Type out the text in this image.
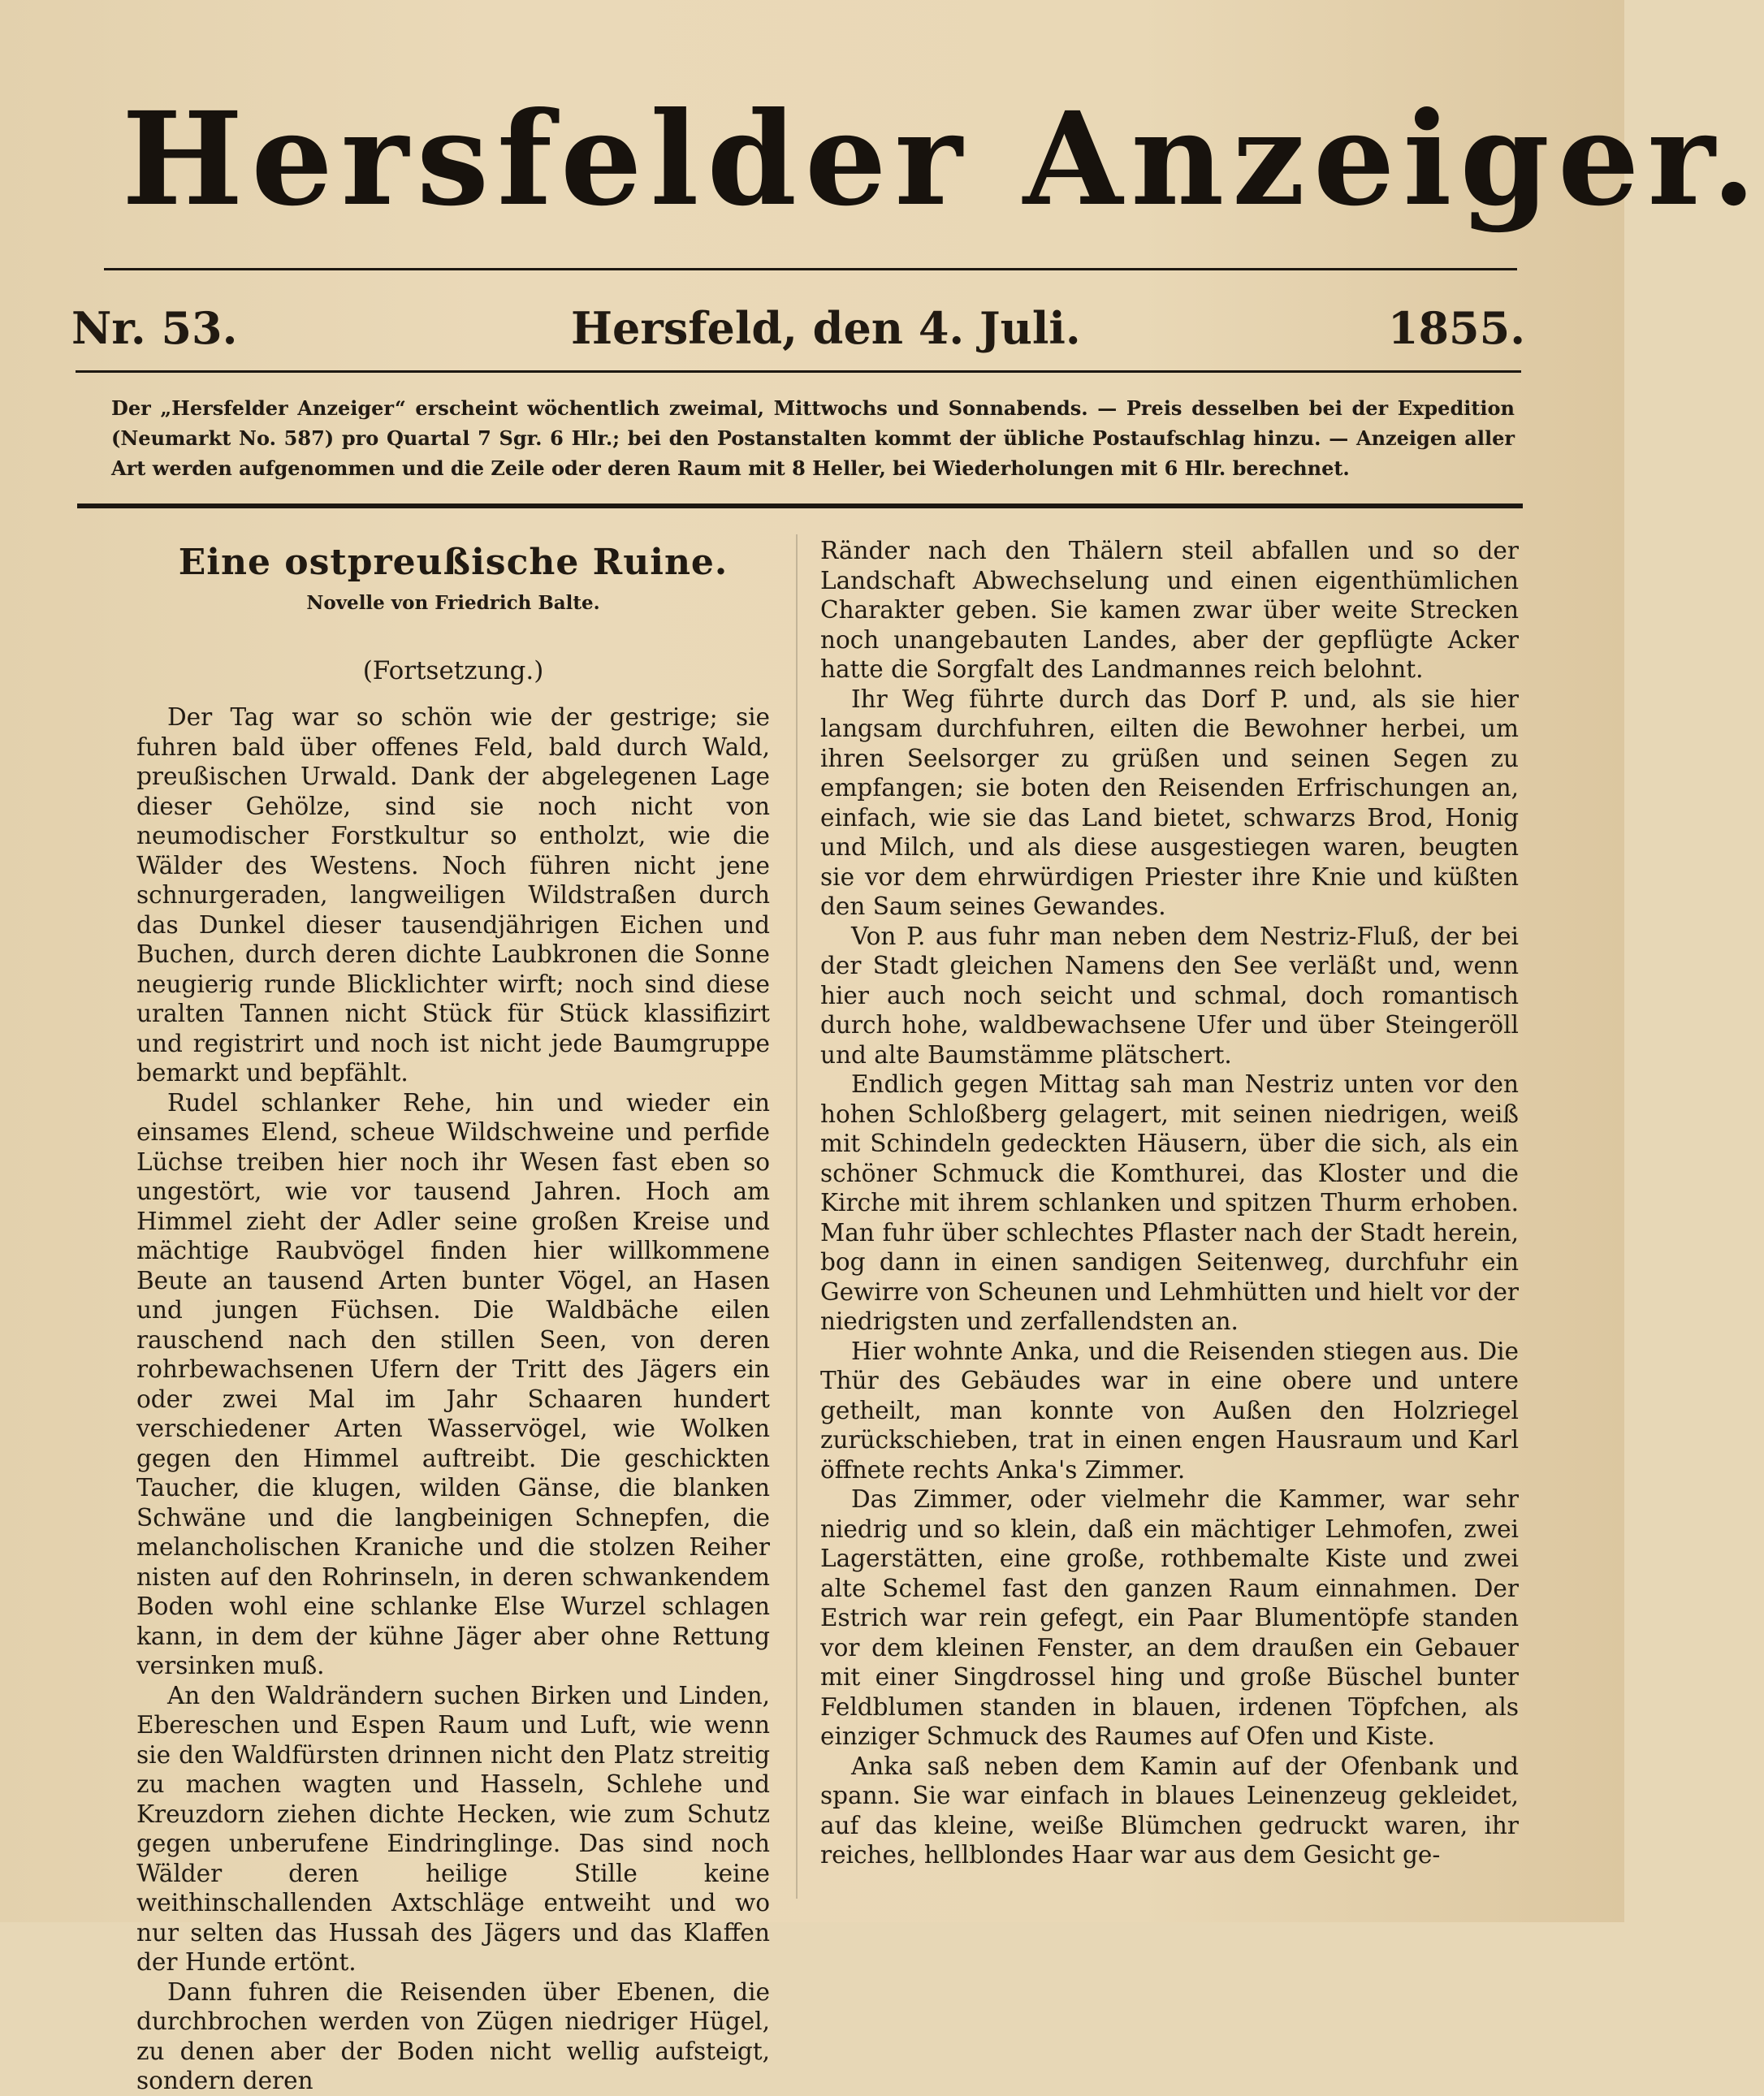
Hersfelder Anzeiger.
Nr. 53.	Hersfeld, den 4. Juli.	1855.
Der „Hersfelder Anzeiger“ erscheint wöchentlich zweimal, Mittwochs und Sonnabends. — Preis desselben bei der Expedition (Neumarkt No. 587) pro Quartal 7 Sgr. 6 Hlr.; bei den Postanstalten kommt der übliche Postaufschlag hinzu. — Anzeigen aller Art werden aufgenommen und die Zeile oder deren Raum mit 8 Heller, bei Wiederholungen mit 6 Hlr. berechnet.
Eine ostpreußische Ruine.
Novelle von Friedrich Balte.
(Fortsetzung.)

Der Tag war so schön wie der gestrige; sie fuhren bald über offenes Feld, bald durch Wald, preußischen Urwald. Dank der abgelegenen Lage dieser Gehölze, sind sie noch nicht von neumodischer Forstkultur so entholzt, wie die Wälder des Westens. Noch führen nicht jene schnurgeraden, langweiligen Wildstraßen durch das Dunkel dieser tausendjährigen Eichen und Buchen, durch deren dichte Laubkronen die Sonne neugierig runde Blicklichter wirft; noch sind diese uralten Tannen nicht Stück für Stück klassifizirt und registrirt und noch ist nicht jede Baumgruppe bemarkt und bepfählt.

Rudel schlanker Rehe, hin und wieder ein einsames Elend, scheue Wildschweine und perfide Lüchse treiben hier noch ihr Wesen fast eben so ungestört, wie vor tausend Jahren. Hoch am Himmel zieht der Adler seine großen Kreise und mächtige Raubvögel finden hier willkommene Beute an tausend Arten bunter Vögel, an Hasen und jungen Füchsen. Die Waldbäche eilen rauschend nach den stillen Seen, von deren rohrbewachsenen Ufern der Tritt des Jägers ein oder zwei Mal im Jahr Schaaren hundert verschiedener Arten Wasservögel, wie Wolken gegen den Himmel auftreibt. Die geschickten Taucher, die klugen, wilden Gänse, die blanken Schwäne und die langbeinigen Schnepfen, die melancholischen Kraniche und die stolzen Reiher nisten auf den Rohrinseln, in deren schwankendem Boden wohl eine schlanke Else Wurzel schlagen kann, in dem der kühne Jäger aber ohne Rettung versinken muß.

An den Waldrändern suchen Birken und Linden, Ebereschen und Espen Raum und Luft, wie wenn sie den Waldfürsten drinnen nicht den Platz streitig zu machen wagten und Hasseln, Schlehe und Kreuzdorn ziehen dichte Hecken, wie zum Schutz gegen unberufene Eindringlinge. Das sind noch Wälder deren heilige Stille keine weithinschallenden Axtschläge entweiht und wo nur selten das Hussah des Jägers und das Klaffen der Hunde ertönt.

Dann fuhren die Reisenden über Ebenen, die durchbrochen werden von Zügen niedriger Hügel, zu denen aber der Boden nicht wellig aufsteigt, sondern deren

Ränder nach den Thälern steil abfallen und so der Landschaft Abwechselung und einen eigenthümlichen Charakter geben. Sie kamen zwar über weite Strecken noch unangebauten Landes, aber der gepflügte Acker hatte die Sorgfalt des Landmannes reich belohnt.

Ihr Weg führte durch das Dorf P. und, als sie hier langsam durchfuhren, eilten die Bewohner herbei, um ihren Seelsorger zu grüßen und seinen Segen zu empfangen; sie boten den Reisenden Erfrischungen an, einfach, wie sie das Land bietet, schwarzs Brod, Honig und Milch, und als diese ausgestiegen waren, beugten sie vor dem ehrwürdigen Priester ihre Knie und küßten den Saum seines Gewandes.

Von P. aus fuhr man neben dem Nestriz-Fluß, der bei der Stadt gleichen Namens den See verläßt und, wenn hier auch noch seicht und schmal, doch romantisch durch hohe, waldbewachsene Ufer und über Steingeröll und alte Baumstämme plätschert.

Endlich gegen Mittag sah man Nestriz unten vor den hohen Schloßberg gelagert, mit seinen niedrigen, weiß mit Schindeln gedeckten Häusern, über die sich, als ein schöner Schmuck die Komthurei, das Kloster und die Kirche mit ihrem schlanken und spitzen Thurm erhoben. Man fuhr über schlechtes Pflaster nach der Stadt herein, bog dann in einen sandigen Seitenweg, durchfuhr ein Gewirre von Scheunen und Lehmhütten und hielt vor der niedrigsten und zerfallendsten an.

Hier wohnte Anka, und die Reisenden stiegen aus. Die Thür des Gebäudes war in eine obere und untere getheilt, man konnte von Außen den Holzriegel zurückschieben, trat in einen engen Hausraum und Karl öffnete rechts Anka's Zimmer.

Das Zimmer, oder vielmehr die Kammer, war sehr niedrig und so klein, daß ein mächtiger Lehmofen, zwei Lagerstätten, eine große, rothbemalte Kiste und zwei alte Schemel fast den ganzen Raum einnahmen. Der Estrich war rein gefegt, ein Paar Blumentöpfe standen vor dem kleinen Fenster, an dem draußen ein Gebauer mit einer Singdrossel hing und große Büschel bunter Feldblumen standen in blauen, irdenen Töpfchen, als einziger Schmuck des Raumes auf Ofen und Kiste.

Anka saß neben dem Kamin auf der Ofenbank und spann. Sie war einfach in blaues Leinenzeug gekleidet, auf das kleine, weiße Blümchen gedruckt waren, ihr reiches, hellblondes Haar war aus dem Gesicht ge-
